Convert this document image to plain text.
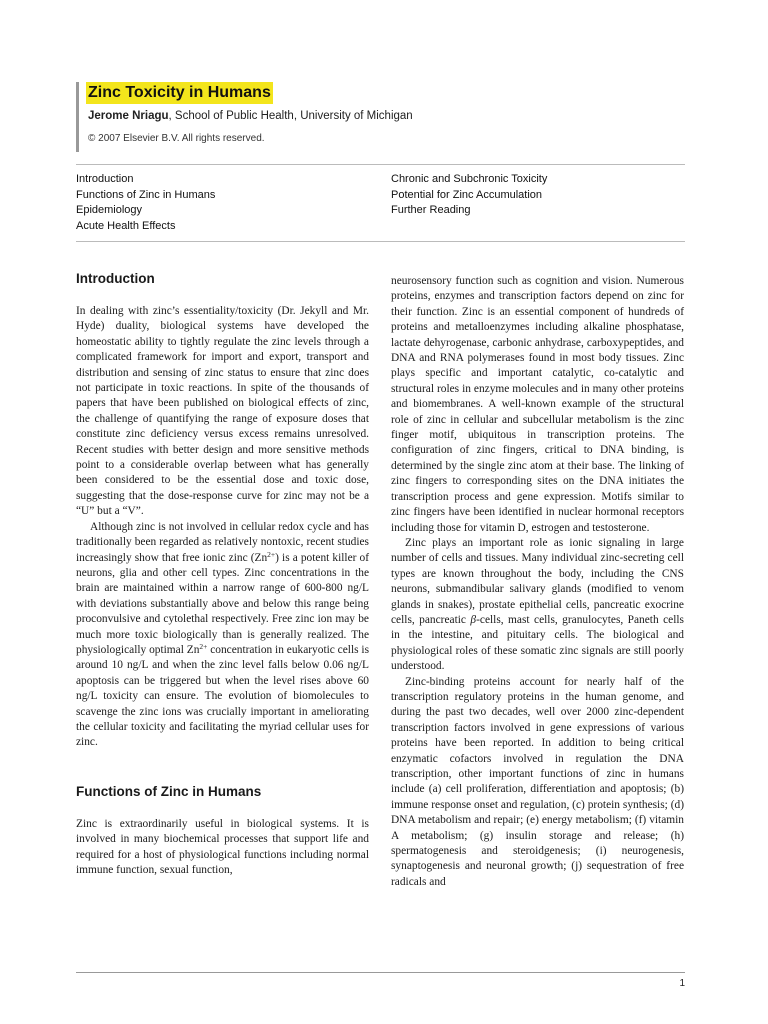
Zinc Toxicity in Humans
Jerome Nriagu, School of Public Health, University of Michigan
© 2007 Elsevier B.V. All rights reserved.
Introduction
Functions of Zinc in Humans
Epidemiology
Acute Health Effects
Chronic and Subchronic Toxicity
Potential for Zinc Accumulation
Further Reading
Introduction

In dealing with zinc’s essentiality/toxicity (Dr. Jekyll and Mr. Hyde) duality, biological systems have developed the homeostatic ability to tightly regulate the zinc levels through a complicated framework for import and export, transport and distribution and sensing of zinc status to ensure that zinc does not participate in toxic reactions. In spite of the thousands of papers that have been published on biological effects of zinc, the challenge of quantifying the range of exposure doses that constitute zinc deficiency versus excess remains unresolved. Recent studies with better design and more sensitive methods point to a considerable overlap between what has generally been considered to be the essential dose and toxic dose, suggesting that the dose-response curve for zinc may not be a “U” but a “V”.

Although zinc is not involved in cellular redox cycle and has traditionally been regarded as relatively nontoxic, recent studies increasingly show that free ionic zinc $(Zn^{2+})$ is a potent killer of neurons, glia and other cell types. Zinc concentrations in the brain are maintained within a narrow range of 600-800 ng/L with deviations substantially above and below this range being proconvulsive and cytolethal respectively. Free zinc ion may be much more toxic biologically than is generally realized. The physiologically optimal $Zn^{2+}$ concentration in eukaryotic cells is around 10 ng/L and when the zinc level falls below 0.06 ng/L apoptosis can be triggered but when the level rises above 60 ng/L toxicity can ensure. The evolution of biomolecules to scavenge the zinc ions was crucially important in ameliorating the cellular toxicity and facilitating the myriad cellular uses for zinc.

Functions of Zinc in Humans

Zinc is extraordinarily useful in biological systems. It is involved in many biochemical processes that support life and required for a host of physiological functions including normal immune function, sexual function,

neurosensory function such as cognition and vision. Numerous proteins, enzymes and transcription factors depend on zinc for their function. Zinc is an essential component of hundreds of proteins and metalloenzymes including alkaline phosphatase, lactate dehyrogenase, carbonic anhydrase, carboxypeptides, and DNA and RNA polymerases found in most body tissues. Zinc plays specific and important catalytic, co-catalytic and structural roles in enzyme molecules and in many other proteins and biomembranes. A well-known example of the structural role of zinc in cellular and subcellular metabolism is the zinc finger motif, ubiquitous in transcription proteins. The configuration of zinc fingers, critical to DNA binding, is determined by the single zinc atom at their base. The linking of zinc fingers to corresponding sites on the DNA initiates the transcription process and gene expression. Motifs similar to zinc fingers have been identified in nuclear hormonal receptors including those for vitamin D, estrogen and testosterone.

Zinc plays an important role as ionic signaling in large number of cells and tissues. Many individual zinc-secreting cell types are known throughout the body, including the CNS neurons, submandibular salivary glands (modified to venom glands in snakes), prostate epithelial cells, pancreatic exocrine cells, pancreatic β-cells, mast cells, granulocytes, Paneth cells in the intestine, and pituitary cells. The biological and physiological roles of these somatic zinc signals are still poorly understood.

Zinc-binding proteins account for nearly half of the transcription regulatory proteins in the human genome, and during the past two decades, well over 2000 zinc-dependent transcription factors involved in gene expressions of various proteins have been reported. In addition to being critical enzymatic cofactors involved in regulation the DNA transcription, other important functions of zinc in humans include (a) cell proliferation, differentiation and apoptosis; (b) immune response onset and regulation, (c) protein synthesis; (d) DNA metabolism and repair; (e) energy metabolism; (f) vitamin A metabolism; (g) insulin storage and release; (h) spermatogenesis and steroidgenesis; (i) neurogenesis, synaptogenesis and neuronal growth; (j) sequestration of free radicals and

1
